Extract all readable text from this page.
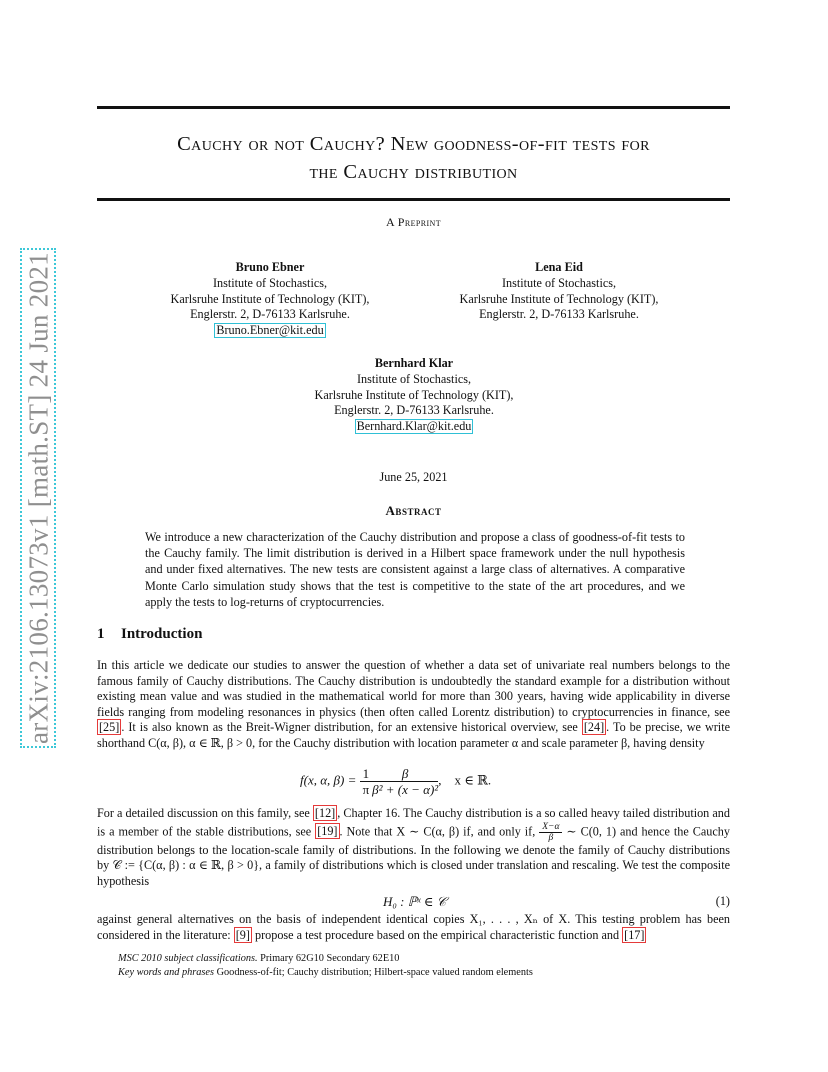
arXiv:2106.13073v1 [math.ST] 24 Jun 2021
Cauchy or not Cauchy? New goodness-of-fit tests for
the Cauchy distribution
A Preprint
Bruno Ebner
Institute of Stochastics,
Karlsruhe Institute of Technology (KIT),
Englerstr. 2, D-76133 Karlsruhe.
Bruno.Ebner@kit.edu
Lena Eid
Institute of Stochastics,
Karlsruhe Institute of Technology (KIT),
Englerstr. 2, D-76133 Karlsruhe.
Bernhard Klar
Institute of Stochastics,
Karlsruhe Institute of Technology (KIT),
Englerstr. 2, D-76133 Karlsruhe.
Bernhard.Klar@kit.edu
June 25, 2021
Abstract
We introduce a new characterization of the Cauchy distribution and propose a class of goodness-of-fit tests to the Cauchy family. The limit distribution is derived in a Hilbert space framework under the null hypothesis and under fixed alternatives. The new tests are consistent against a large class of alternatives. A comparative Monte Carlo simulation study shows that the test is competitive to the state of the art procedures, and we apply the tests to log-returns of cryptocurrencies.
1 Introduction

In this article we dedicate our studies to answer the question of whether a data set of univariate real numbers belongs to the famous family of Cauchy distributions. The Cauchy distribution is undoubtedly the standard example for a distribution without existing mean value and was studied in the mathematical world for more than 300 years, having wide applicability in diverse fields ranging from modeling resonances in physics (then often called Lorentz distribution) to cryptocurrencies in finance, see [25] . It is also known as the Breit-Wigner distribution, for an extensive historical overview, see [24] . To be precise, we write shorthand C(α, β), α ∈ ℝ, β > 0, for the Cauchy distribution with location parameter α and scale parameter β, having density

f(x, α, $\beta) = \frac{1}{\pi} \frac{\beta}{\text{β² + (x − α)²}}$ ,    x ∈ ℝ.

For a detailed discussion on this family, see [12] , Chapter 16. The Cauchy distribution is a so called heavy tailed distribution and is a member of the stable distributions, see [19] . Note that X ∼ C(α, β) if, and only if, $\frac{X-\alpha}{\beta}$ ∼ C(0, 1) and hence the Cauchy distribution belongs to the location-scale family of distributions. In the following we denote the family of Cauchy distributions by 𝒞 := {C(α, β) : α ∈ ℝ, β > 0}, a family of distributions which is closed under translation and rescaling. We test the composite hypothesis

H₀ : ℙˣ ∈ 𝒞	(1)

against general alternatives on the basis of independent identical copies X₁, . . . , Xₙ of X. This testing problem has been considered in the literature: [9] propose a test procedure based on the empirical characteristic function and [17]

MSC 2010 subject classifications. Primary 62G10 Secondary 62E10
Key words and phrases Goodness-of-fit; Cauchy distribution; Hilbert-space valued random elements
